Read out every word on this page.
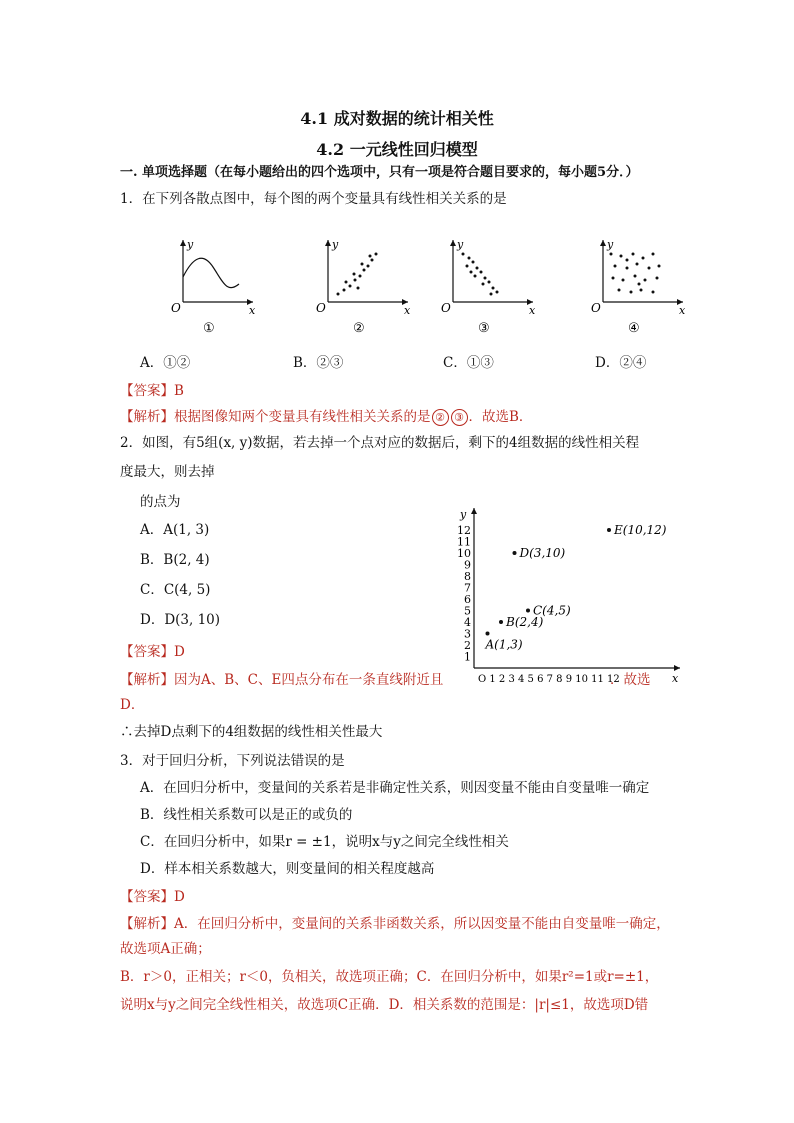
4.1 成对数据的统计相关性
4.2 一元线性回归模型
一. 单项选择题（在每小题给出的四个选项中，只有一项是符合题目要求的，每小题5分．）
1．在下列各散点图中，每个图的两个变量具有线性相关关系的是
O
y
x
①
O
y
x
②
O
y
x
③
O
y
x
④
A．①②	B．②③	C．①③	D．②④
【答案】B
【解析】根据图像知两个变量具有线性相关关系的是 ② ③ ．故选B．
2．如图，有5组(x, y)数据，若去掉一个点对应的数据后，剩下的4组数据的线性相关程
度最大，则去掉
的点为
A．A(1, 3)
B．B(2, 4)
C．C(4, 5)
D．D(3, 10)
y
x
O 1 2 3 4 5 6 7 8 9 10 11 12
1
2
3
4
5
6
7
8
9
10
11
12
A(1,3)
B(2,4)
C(4,5)
D(3,10)
E(10,12)
【答案】D
【解析】因为A、B、C、E四点分布在一条直线附近且	．故选
D．
∴去掉D点剩下的4组数据的线性相关性最大
3．对于回归分析，下列说法错误的是
A．在回归分析中，变量间的关系若是非确定性关系，则因变量不能由自变量唯一确定
B．线性相关系数可以是正的或负的
C．在回归分析中，如果r = ±1，说明x与y之间完全线性相关
D．样本相关系数越大，则变量间的相关程度越高
【答案】D
【解析】A．在回归分析中，变量间的关系非函数关系，所以因变量不能由自变量唯一确定，
故选项A正确；
B．r＞0，正相关；r＜0，负相关，故选项正确；C．在回归分析中，如果r²=1或r=±1，
说明x与y之间完全线性相关，故选项C正确．D．相关系数的范围是：|r|≤1，故选项D错
